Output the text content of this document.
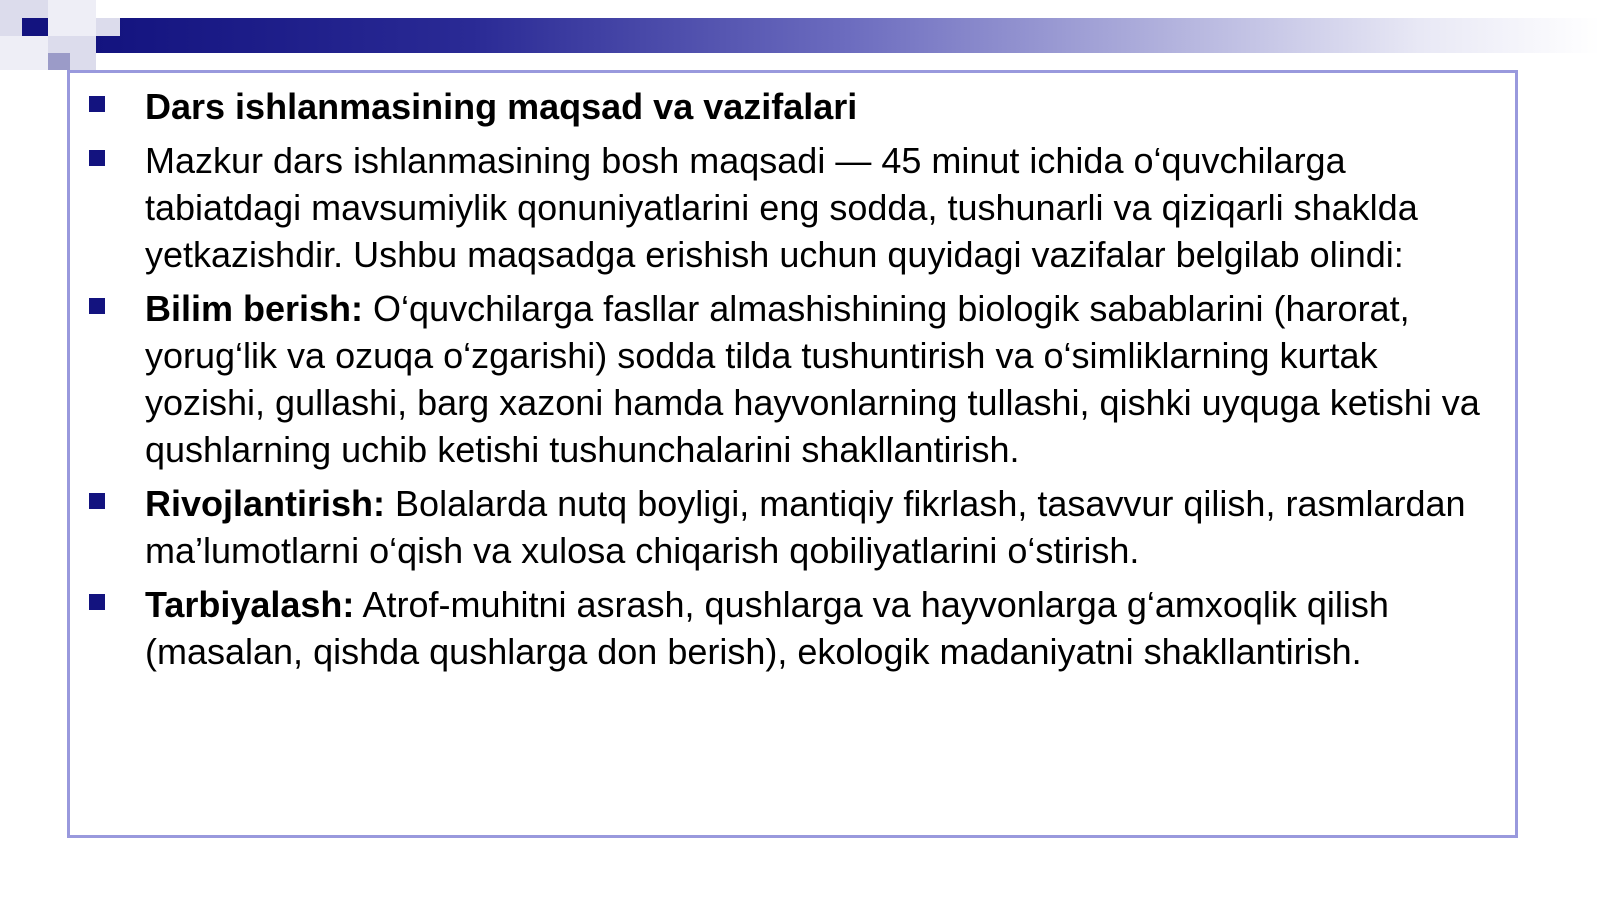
Dars ishlanmasining maqsad va vazifalari
Mazkur dars ishlanmasining bosh maqsadi — 45 minut ichida o‘quvchilarga tabiatdagi mavsumiylik qonuniyatlarini eng sodda, tushunarli va qiziqarli shaklda yetkazishdir. Ushbu maqsadga erishish uchun quyidagi vazifalar belgilab olindi:
Bilim berish: O‘quvchilarga fasllar almashishining biologik sabablarini (harorat, yorug‘lik va ozuqa o‘zgarishi) sodda tilda tushuntirish va o‘simliklarning kurtak yozishi, gullashi, barg xazoni hamda hayvonlarning tullashi, qishki uyquga ketishi va qushlarning uchib ketishi tushunchalarini shakllantirish.
Rivojlantirish: Bolalarda nutq boyligi, mantiqiy fikrlash, tasavvur qilish, rasmlardan ma’lumotlarni o‘qish va xulosa chiqarish qobiliyatlarini o‘stirish.
Tarbiyalash: Atrof-muhitni asrash, qushlarga va hayvonlarga g‘amxoqlik qilish (masalan, qishda qushlarga don berish), ekologik madaniyatni shakllantirish.
